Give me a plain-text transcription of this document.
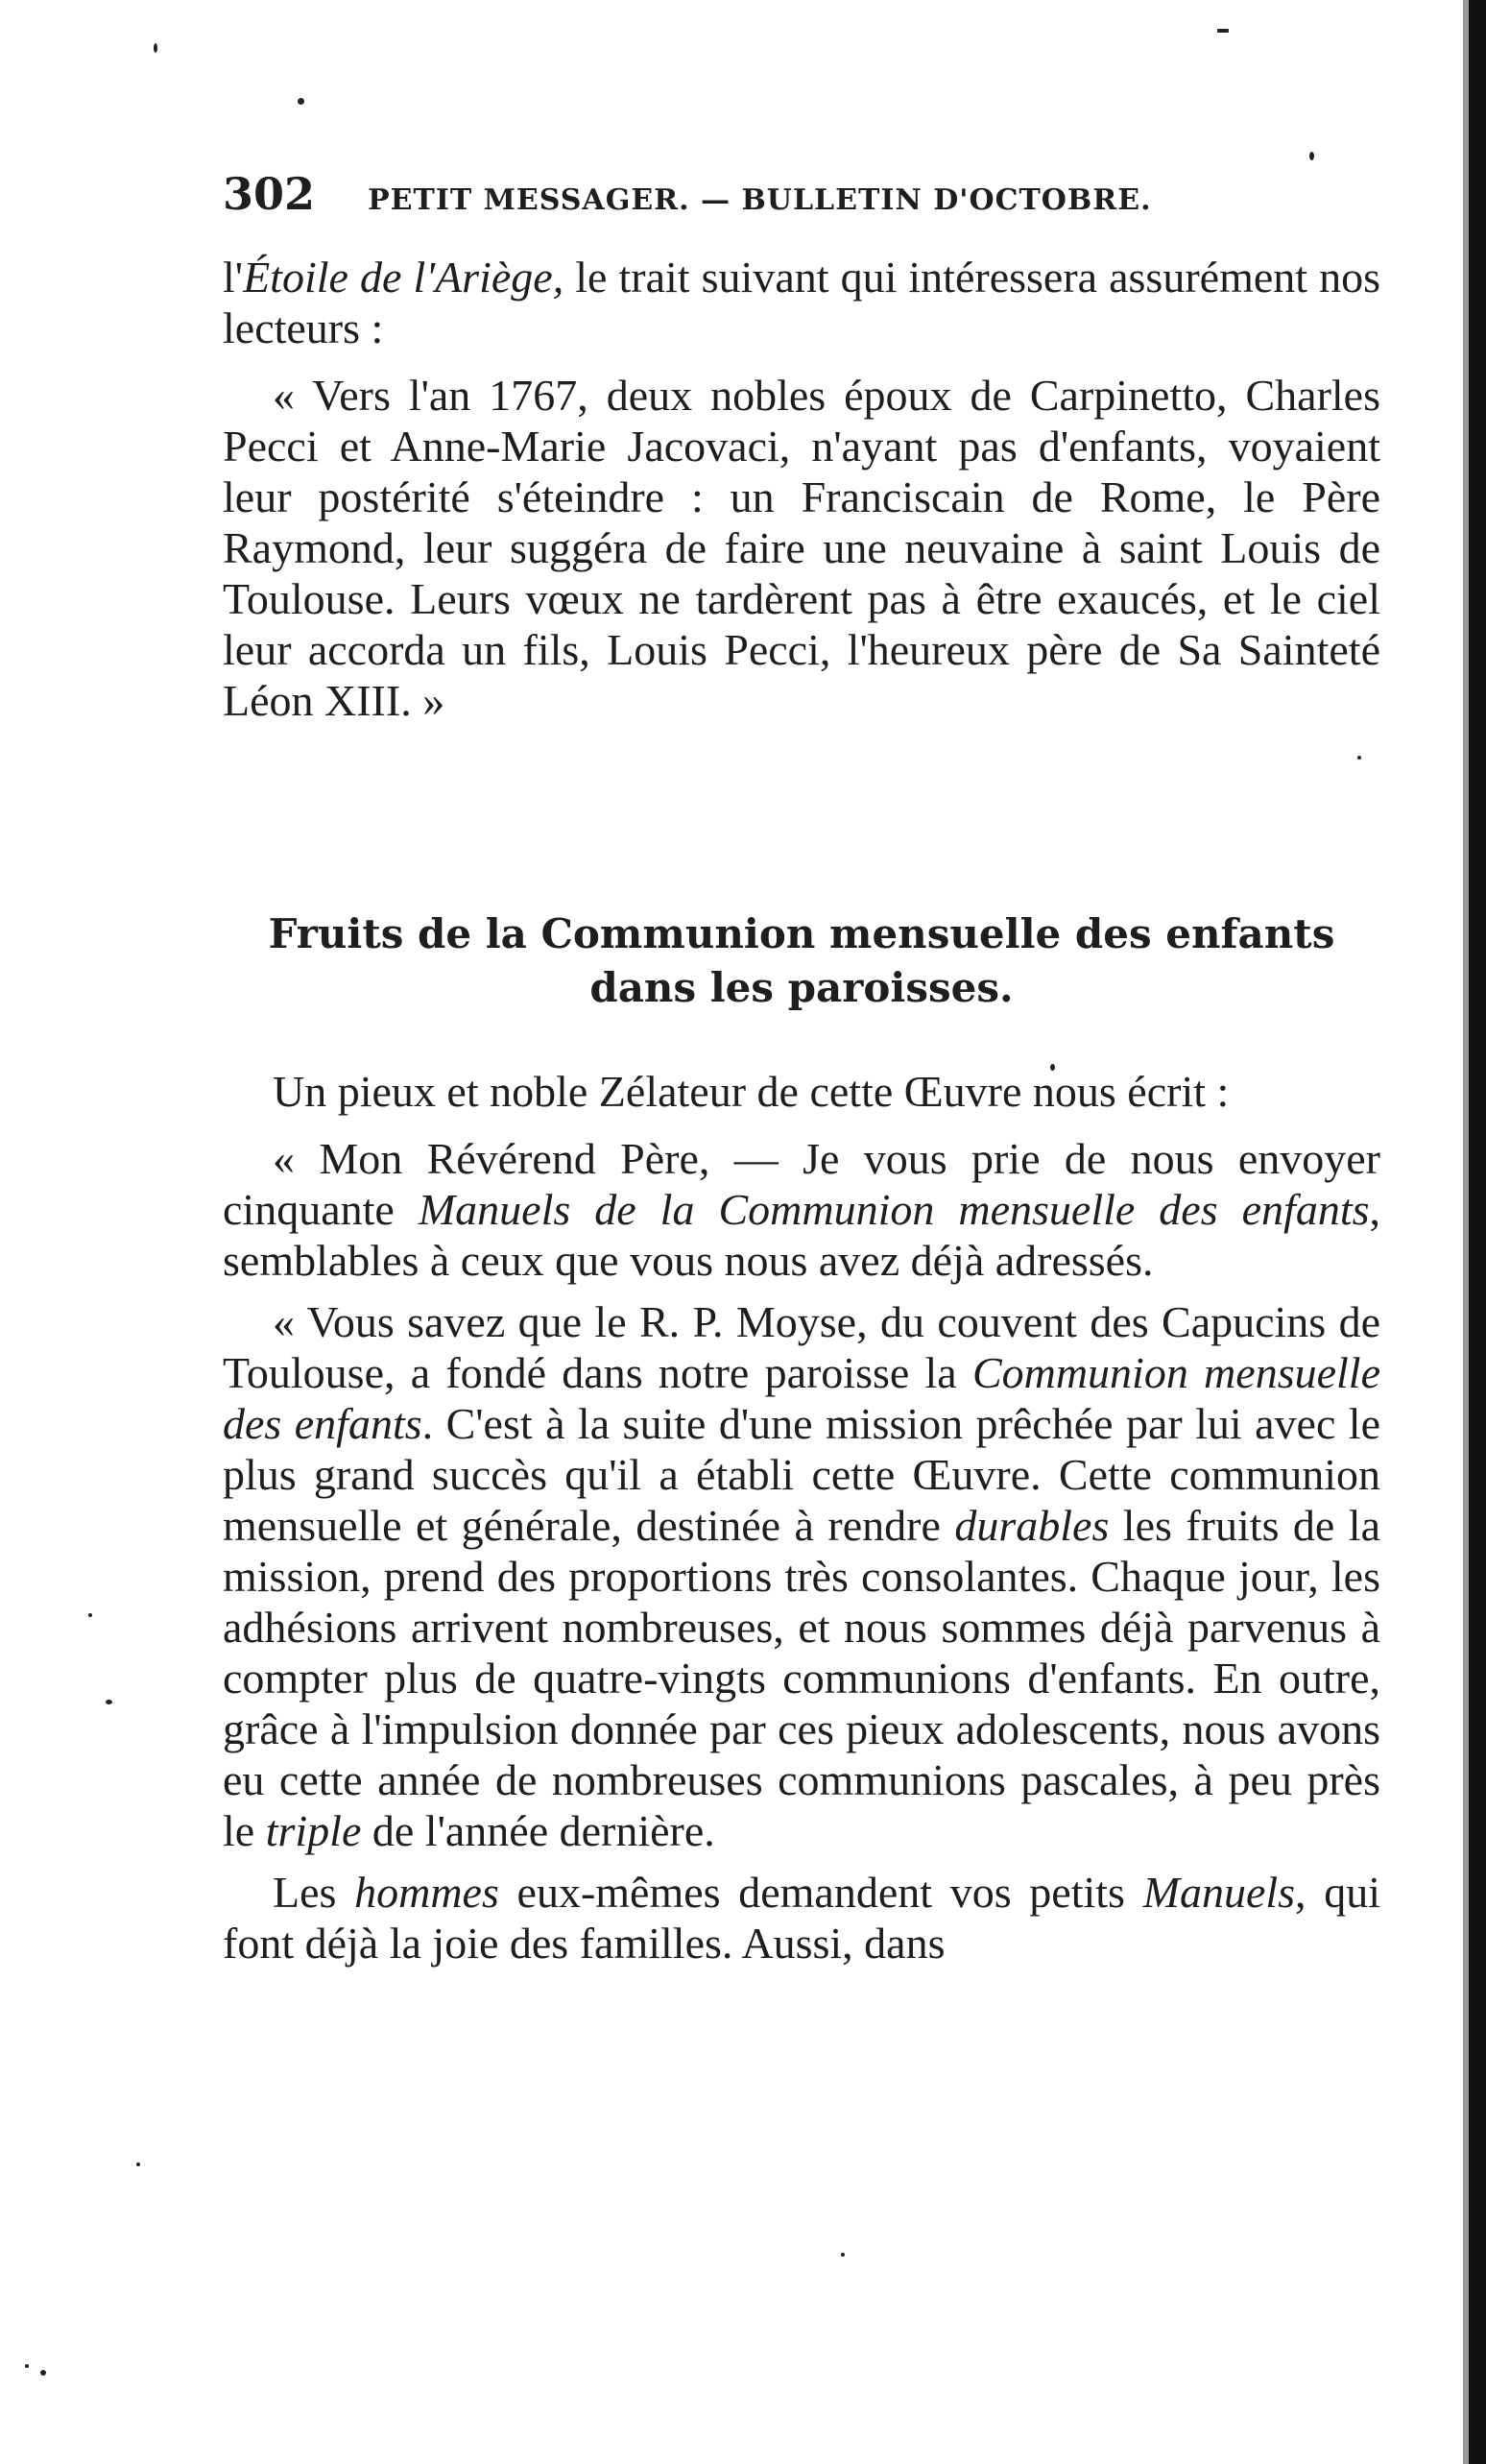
302 PETIT MESSAGER. — BULLETIN D'OCTOBRE.

l'Étoile de l'Ariège, le trait suivant qui intéressera assurément nos lecteurs :

« Vers l'an 1767, deux nobles époux de Carpinetto, Charles Pecci et Anne-Marie Jacovaci, n'ayant pas d'enfants, voyaient leur postérité s'éteindre : un Franciscain de Rome, le Père Raymond, leur suggéra de faire une neuvaine à saint Louis de Toulouse. Leurs vœux ne tardèrent pas à être exaucés, et le ciel leur accorda un fils, Louis Pecci, l'heureux père de Sa Sainteté Léon XIII. »

Fruits de la Communion mensuelle des enfants
dans les paroisses.

Un pieux et noble Zélateur de cette Œuvre nous écrit :

« Mon Révérend Père, — Je vous prie de nous envoyer cinquante Manuels de la Communion mensuelle des enfants, semblables à ceux que vous nous avez déjà adressés.

« Vous savez que le R. P. Moyse, du couvent des Capucins de Toulouse, a fondé dans notre paroisse la Communion mensuelle des enfants. C'est à la suite d'une mission prêchée par lui avec le plus grand succès qu'il a établi cette Œuvre. Cette communion mensuelle et générale, destinée à rendre durables les fruits de la mission, prend des proportions très consolantes. Chaque jour, les adhésions arrivent nombreuses, et nous sommes déjà parvenus à compter plus de quatre-vingts communions d'enfants. En outre, grâce à l'impulsion donnée par ces pieux adolescents, nous avons eu cette année de nombreuses communions pascales, à peu près le triple de l'année dernière.

Les hommes eux-mêmes demandent vos petits Manuels, qui font déjà la joie des familles. Aussi, dans
